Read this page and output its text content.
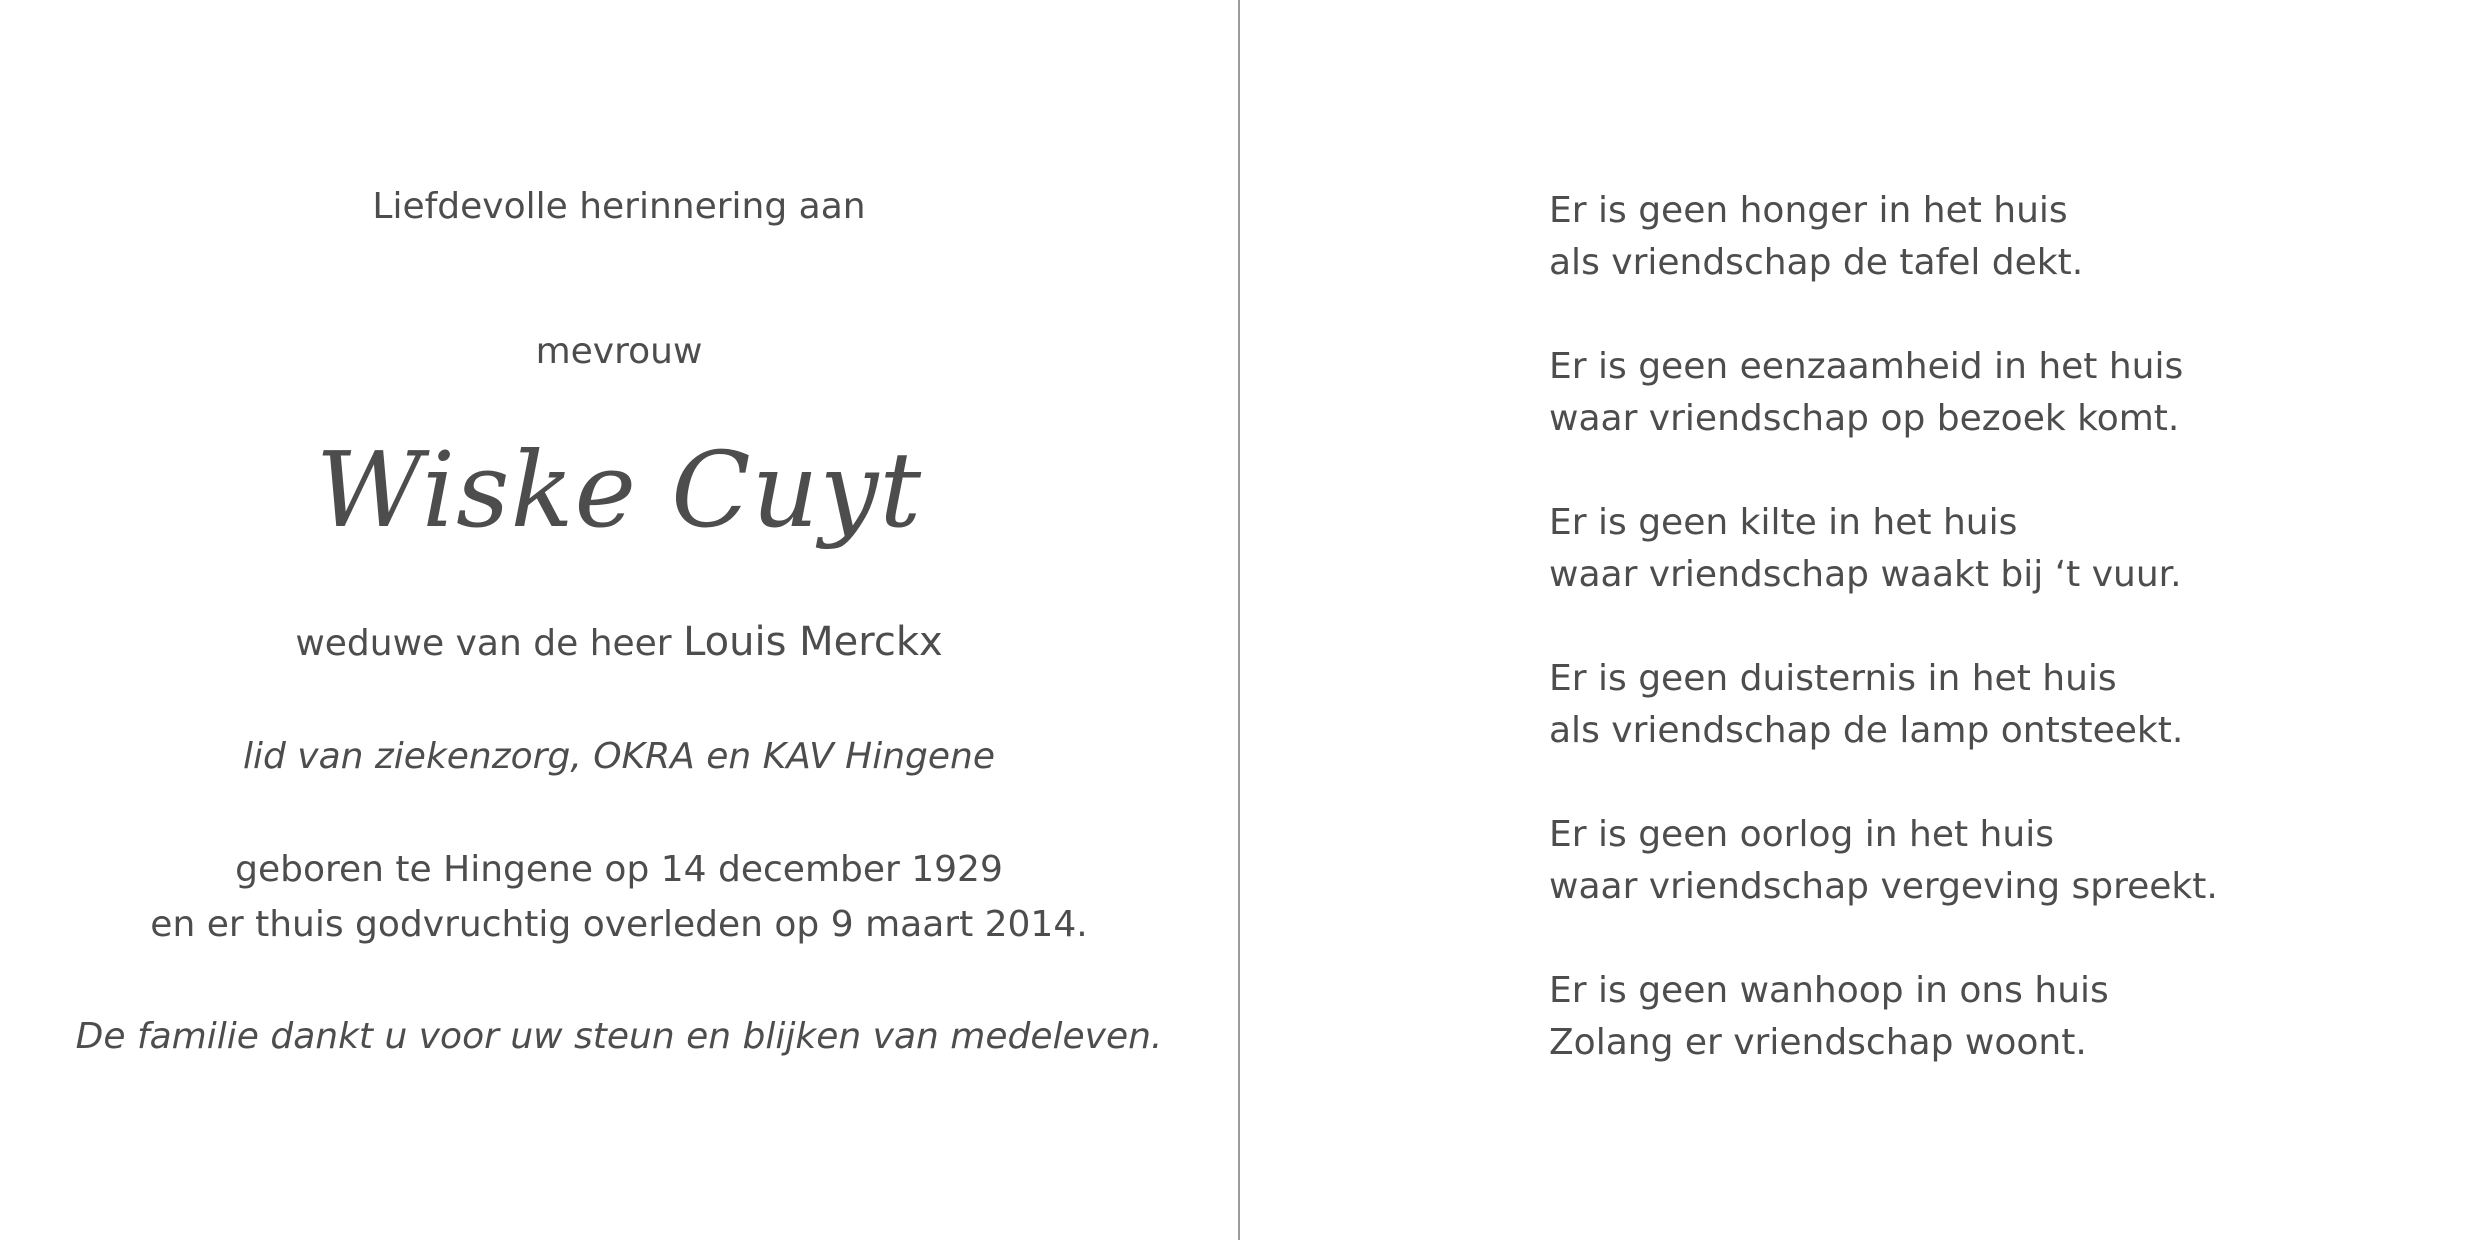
Liefdevolle herinnering aan
mevrouw
Wiske Cuyt
weduwe van de heer Louis Merckx
lid van ziekenzorg, OKRA en KAV Hingene
geboren te Hingene op 14 december 1929
en er thuis godvruchtig overleden op 9 maart 2014.
De familie dankt u voor uw steun en blijken van medeleven.
Er is geen honger in het huis
als vriendschap de tafel dekt.
Er is geen eenzaamheid in het huis
waar vriendschap op bezoek komt.
Er is geen kilte in het huis
waar vriendschap waakt bij ‘t vuur.
Er is geen duisternis in het huis
als vriendschap de lamp ontsteekt.
Er is geen oorlog in het huis
waar vriendschap vergeving spreekt.
Er is geen wanhoop in ons huis
Zolang er vriendschap woont.
